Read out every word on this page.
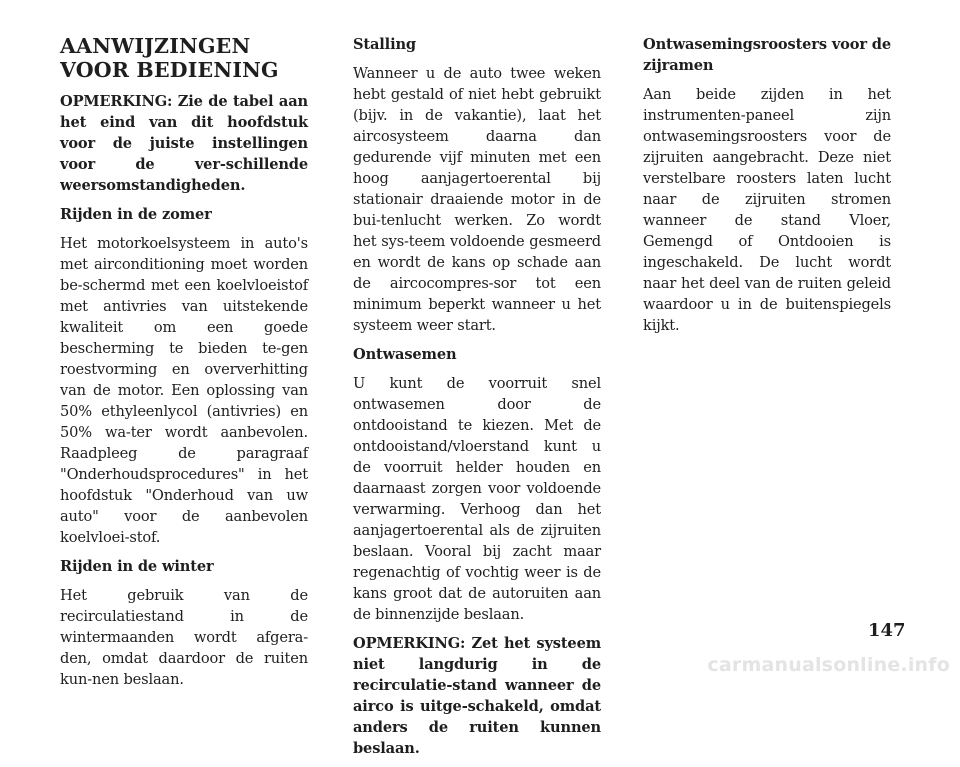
AANWIJZINGEN VOOR BEDIENING

OPMERKING: Zie de tabel aan het eind van dit hoofdstuk voor de juiste instellingen voor de ver-schillende weersomstandigheden.

Rijden in de zomer

Het motorkoelsysteem in auto's met airconditioning moet worden be-schermd met een koelvloeistof met antivries van uitstekende kwaliteit om een goede bescherming te bieden te-gen roestvorming en oververhitting van de motor. Een oplossing van 50% ethyleenlycol (antivries) en 50% wa-ter wordt aanbevolen. Raadpleeg de paragraaf "Onderhoudsprocedures" in het hoofdstuk "Onderhoud van uw auto" voor de aanbevolen koelvloei-stof.

Rijden in de winter

Het gebruik van de recirculatiestand in de wintermaanden wordt afgera-den, omdat daardoor de ruiten kun-nen beslaan.

Stalling

Wanneer u de auto twee weken hebt gestald of niet hebt gebruikt (bijv. in de vakantie), laat het aircosysteem daarna dan gedurende vijf minuten met een hoog aanjagertoerental bij stationair draaiende motor in de bui-tenlucht werken. Zo wordt het sys-teem voldoende gesmeerd en wordt de kans op schade aan de aircocompres-sor tot een minimum beperkt wanneer u het systeem weer start.

Ontwasemen

U kunt de voorruit snel ontwasemen door de ontdooistand te kiezen. Met de ontdooistand/vloerstand kunt u de voorruit helder houden en daarnaast zorgen voor voldoende verwarming. Verhoog dan het aanjagertoerental als de zijruiten beslaan. Vooral bij zacht maar regenachtig of vochtig weer is de kans groot dat de autoruiten aan de binnenzijde beslaan.

OPMERKING: Zet het systeem niet langdurig in de recirculatie-stand wanneer de airco is uitge-schakeld, omdat anders de ruiten kunnen beslaan.

Ontwasemingsroosters voor de zijramen

Aan beide zijden in het instrumenten-paneel zijn ontwasemingsroosters voor de zijruiten aangebracht. Deze niet verstelbare roosters laten lucht naar de zijruiten stromen wanneer de stand Vloer, Gemengd of Ontdooien is ingeschakeld. De lucht wordt naar het deel van de ruiten geleid waardoor u in de buitenspiegels kijkt.

147
carmanualsonline.info
